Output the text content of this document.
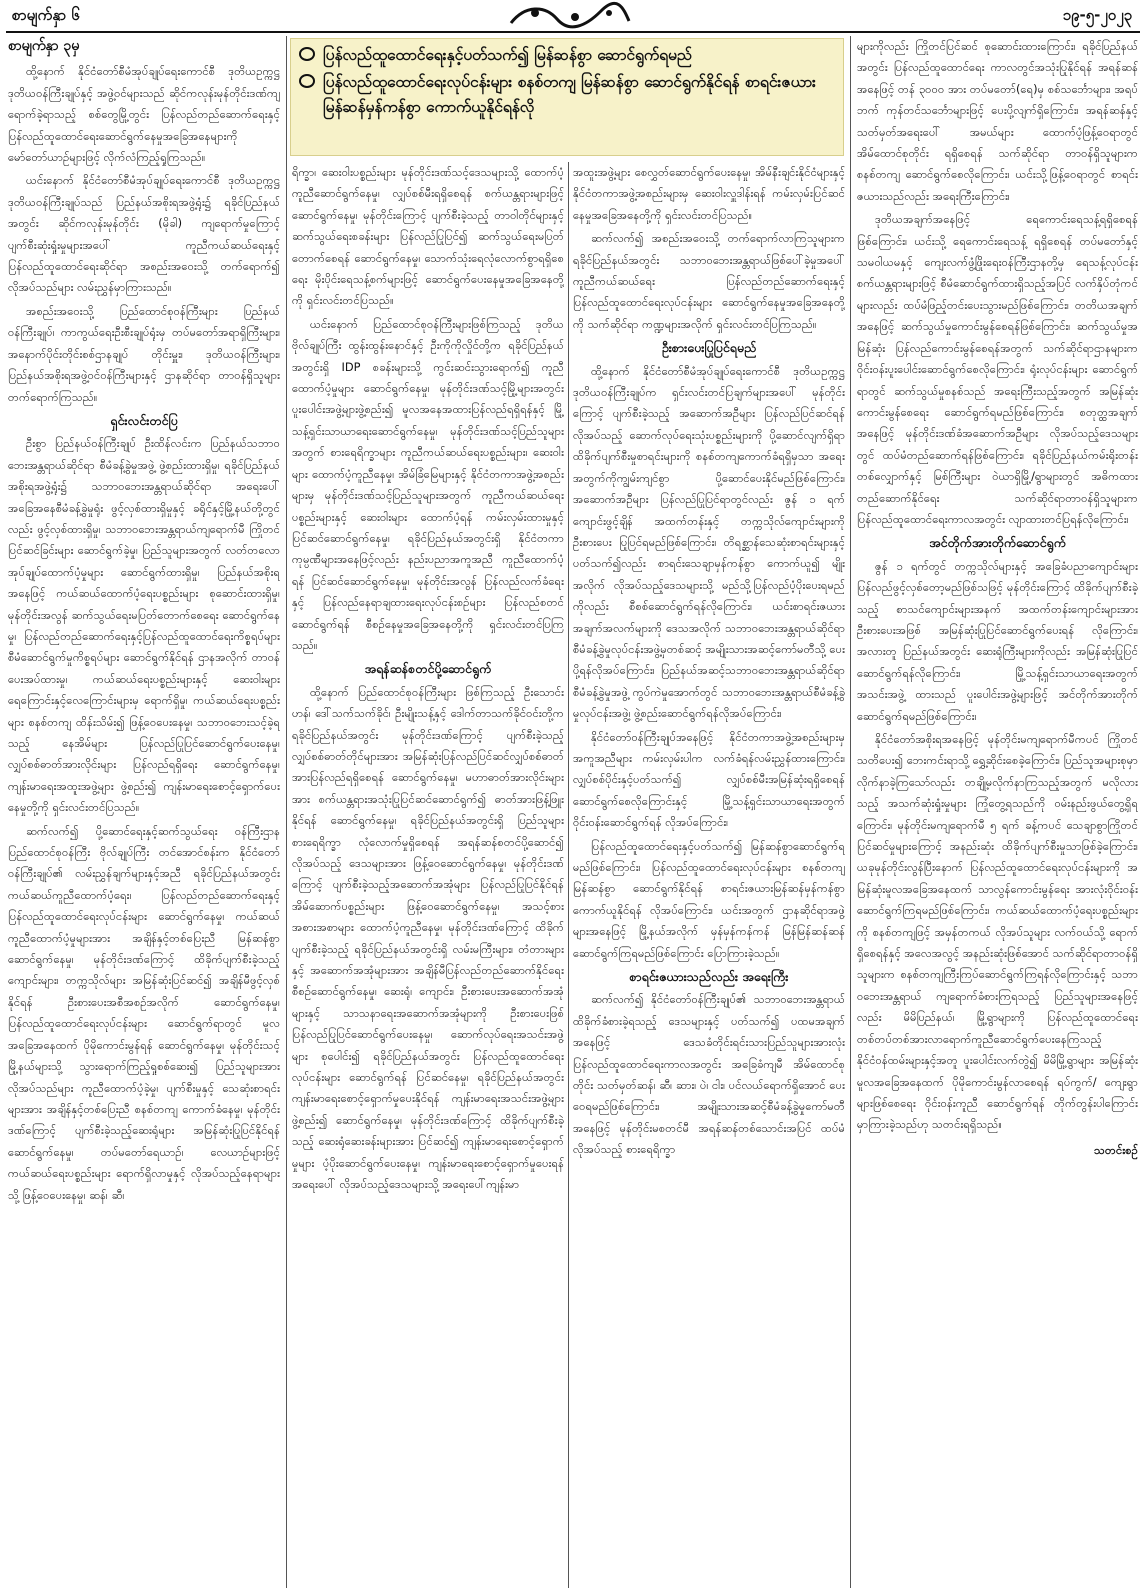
စာမျက်နှာ ၆	၁၉-၅-၂၀၂၃
ပြန်လည်ထူထောင်ရေးနှင့်ပတ်သက်၍ မြန်ဆန်စွာ ဆောင်ရွက်ရမည်
ပြန်လည်ထူထောင်ရေးလုပ်ငန်းများ စနစ်တကျ မြန်ဆန်စွာ ဆောင်ရွက်နိုင်ရန် စာရင်းဇယား မြန်ဆန်မှန်ကန်စွာ ကောက်ယူနိုင်ရန်လို
စာမျက်နှာ ၃မှ

ထို့နောက် နိုင်ငံတော်စီမံအုပ်ချုပ်ရေးကောင်စီ ဒုတိယဥက္ကဋ္ဌ ဒုတိယဝန်ကြီးချုပ်နှင့် အဖွဲ့ဝင်များသည် ဆိုင်ကလုန်းမုန်တိုင်းဒဏ်ကျရောက်ခဲ့ရာသည့် စစ်တွေမြို့တွင်း ပြန်လည်တည်ဆောက်ရေးနှင့် ပြန်လည်ထူထောင်ရေးဆောင်ရွက်နေမှုအခြေအနေများကို မော်တော်ယာဉ်များဖြင့် လိုက်လံကြည့်ရှုကြသည်။

ယင်းနောက် နိုင်ငံတော်စီမံအုပ်ချုပ်ရေးကောင်စီ ဒုတိယဥက္ကဋ္ဌ ဒုတိယဝန်ကြီးချုပ်သည် ပြည်နယ်အစိုးရအဖွဲ့ရုံး၌ ရခိုင်ပြည်နယ်အတွင်း ဆိုင်ကလုန်းမုန်တိုင်း (မိုခါ) ကျရောက်မှုကြောင့် ပျက်စီးဆုံးရှုံးမှုများအပေါ် ကူညီကယ်ဆယ်ရေးနှင့် ပြန်လည်ထူထောင်ရေးဆိုင်ရာ အစည်းအဝေးသို့ တက်ရောက်၍ လိုအပ်သည်များ လမ်းညွှန်မှာကြားသည်။

အစည်းအဝေးသို့ ပြည်ထောင်စုဝန်ကြီးများ ပြည်နယ်ဝန်ကြီးချုပ်၊ ကာကွယ်ရေးဦးစီးချုပ်ရုံးမှ တပ်မတော်အရာရှိကြီးများ၊ အနောက်ပိုင်းတိုင်းစစ်ဌာနချုပ် တိုင်းမှူး၊ ဒုတိယဝန်ကြီးများ၊ ပြည်နယ်အစိုးရအဖွဲ့ဝင်ဝန်ကြီးများနှင့် ဌာနဆိုင်ရာ တာဝန်ရှိသူများ တက်ရောက်ကြသည်။

ရှင်းလင်းတင်ပြ

ဦးစွာ ပြည်နယ်ဝန်ကြီးချုပ် ဦးထိန်လင်းက ပြည်နယ်သဘာဝဘေးအန္တရာယ်ဆိုင်ရာ စီမံခန့်ခွဲမှုအဖွဲ့ ဖွဲ့စည်းထားရှိမှု၊ ရခိုင်ပြည်နယ် အစိုးရအဖွဲ့ရုံး၌ သဘာဝဘေးအန္တရာယ်ဆိုင်ရာ အရေးပေါ်အခြေအနေစီမံခန့်ခွဲမှုရုံး ဖွင့်လှစ်ထားရှိမှုနှင့် ခရိုင်နှင့်မြို့နယ်တို့တွင်လည်း ဖွင့်လှစ်ထားရှိမှု၊ သဘာဝဘေးအန္တရာယ်ကျရောက်မီ ကြိုတင်ပြင်ဆင်ခြင်းများ ဆောင်ရွက်ခဲ့မှု၊ ပြည်သူများအတွက် လတ်တလောအုပ်ချုပ်ထောက်ပံ့မှုများ ဆောင်ရွက်ထားရှိမှု၊ ပြည်နယ်အစိုးရအနေဖြင့် ကယ်ဆယ်ထောက်ပံ့ရေးပစ္စည်းများ စုဆောင်းထားရှိမှု၊ မုန်တိုင်းအလွန် ဆက်သွယ်ရေးမပြတ်တောက်စေရေး ဆောင်ရွက်နေမှု၊ ပြန်လည်တည်ဆောက်ရေးနှင့်ပြန်လည်ထူထောင်ရေးကိစ္စရပ်များ စီမံဆောင်ရွက်မှုကိစ္စရပ်များ ဆောင်ရွက်နိုင်ရန် ဌာနအလိုက် တာဝန်ပေးအပ်ထားမှု၊ ကယ်ဆယ်ရေးပစ္စည်းများနှင့် ဆေးဝါးများ ရေကြောင်းနှင့်လေကြောင်းများမှ ရောက်ရှိမှု၊ ကယ်ဆယ်ရေးပစ္စည်းများ စနစ်တကျ ထိန်းသိမ်း၍ ဖြန့်ဝေပေးနေမှု၊ သဘာဝဘေးသင့်ခဲ့ရသည့် နေအိမ်များ ပြန်လည်ပြုပြင်ဆောင်ရွက်ပေးနေမှု၊ လျှပ်စစ်ဓာတ်အားလိုင်းများ ပြန်လည်ရရှိရေး ဆောင်ရွက်နေမှု၊ ကျန်းမာရေးအထူးအဖွဲ့များ ဖွဲ့စည်း၍ ကျန်းမာရေးစောင့်ရှောက်ပေးနေမှုတို့ကို ရှင်းလင်းတင်ပြသည်။

ဆက်လက်၍ ပို့ဆောင်ရေးနှင့်ဆက်သွယ်ရေး ဝန်ကြီးဌာန ပြည်ထောင်စုဝန်ကြီး ဗိုလ်ချုပ်ကြီး တင်အောင်စန်းက နိုင်ငံတော်ဝန်ကြီးချုပ်၏ လမ်းညွှန်ချက်များနှင့်အညီ ရခိုင်ပြည်နယ်အတွင်း ကယ်ဆယ်ကူညီထောက်ပံ့ရေး၊ ပြန်လည်တည်ဆောက်ရေးနှင့် ပြန်လည်ထူထောင်ရေးလုပ်ငန်းများ ဆောင်ရွက်နေမှု၊ ကယ်ဆယ်ကူညီထောက်ပံ့မှုများအား အချိန်နှင့်တစ်ပြေးညီ မြန်ဆန်စွာဆောင်ရွက်နေမှု၊ မုန်တိုင်းဒဏ်ကြောင့် ထိခိုက်ပျက်စီးခဲ့သည့် ကျောင်းများ၊ တက္ကသိုလ်များ အမြန်ဆုံးပြင်ဆင်၍ အချိန်မီဖွင့်လှစ်နိုင်ရန် ဦးစားပေးအစီအစဉ်အလိုက် ဆောင်ရွက်နေမှု၊ ပြန်လည်ထူထောင်ရေးလုပ်ငန်းများ ဆောင်ရွက်ရာတွင် မူလအခြေအနေထက် ပိုမိုကောင်းမွန်ရန် ဆောင်ရွက်နေမှု၊ မုန်တိုင်းသင့်မြို့နယ်များသို့ သွားရောက်ကြည့်ရှုစစ်ဆေး၍ ပြည်သူများအား လိုအပ်သည်များ ကူညီထောက်ပံ့ခဲ့မှု၊ ပျက်စီးမှုနှင့် သေဆုံးစာရင်းများအား အချိန်နှင့်တစ်ပြေးညီ စနစ်တကျ ကောက်ခံနေမှု၊ မုန်တိုင်းဒဏ်ကြောင့် ပျက်စီးခဲ့သည့်ဆေးရုံများ အမြန်ဆုံးပြုပြင်နိုင်ရန် ဆောင်ရွက်နေမှု၊ တပ်မတော်ရေယာဉ်၊ လေယာဉ်များဖြင့် ကယ်ဆယ်ရေးပစ္စည်းများ ရောက်ရှိလာမှုနှင့် လိုအပ်သည့်နေရာများသို့ ဖြန့်ဝေပေးနေမှု၊ ဆန်၊ ဆီ၊

ရိက္ခာ၊ ဆေးဝါးပစ္စည်းများ မုန်တိုင်းဒဏ်သင့်ဒေသများသို့ ထောက်ပံ့ကူညီဆောင်ရွက်နေမှု၊ လျှပ်စစ်မီးရရှိစေရန် စက်ယန္တရားများဖြင့် ဆောင်ရွက်နေမှု၊ မုန်တိုင်းကြောင့် ပျက်စီးခဲ့သည့် တာဝါတိုင်များနှင့် ဆက်သွယ်ရေးစခန်းများ ပြန်လည်ပြုပြင်၍ ဆက်သွယ်ရေးမပြတ်တောက်စေရန် ဆောင်ရွက်နေမှု၊ သောက်သုံးရေလုံလောက်စွာရရှိစေရေး မိုးပိုင်းရေသန့်စက်များဖြင့် ဆောင်ရွက်ပေးနေမှုအခြေအနေတို့ကို ရှင်းလင်းတင်ပြသည်။

ယင်းနောက် ပြည်ထောင်စုဝန်ကြီးများဖြစ်ကြသည့် ဒုတိယဗိုလ်ချုပ်ကြီး ထွန်းထွန်းနောင်နှင့် ဦးကိုကိုလှိုင်တို့က ရခိုင်ပြည်နယ်အတွင်းရှိ IDP စခန်းများသို့ ကွင်းဆင်းသွားရောက်၍ ကူညီထောက်ပံ့မှုများ ဆောင်ရွက်နေမှု၊ မုန်တိုင်းဒဏ်သင့်မြို့များအတွင်း ပူးပေါင်းအဖွဲ့များဖွဲ့စည်း၍ မူလအနေအထားပြန်လည်ရရှိရန်နှင့် မြို့သန့်ရှင်းသာယာရေးဆောင်ရွက်နေမှု၊ မုန်တိုင်းဒဏ်သင့်ပြည်သူများအတွက် စားရေရိက္ခာများ ကူညီကယ်ဆယ်ရေးပစ္စည်းများ၊ ဆေးဝါးများ ထောက်ပံ့ကူညီနေမှု၊ အိမ်ခြံမြေများနှင့် နိုင်ငံတကာအဖွဲ့အစည်းများမှ မုန်တိုင်းဒဏ်သင့်ပြည်သူများအတွက် ကူညီကယ်ဆယ်ရေးပစ္စည်းများနှင့် ဆေးဝါးများ ထောက်ပံ့ရန် ကမ်းလှမ်းထားမှုနှင့် ပြင်ဆင်ဆောင်ရွက်နေမှု၊ ရခိုင်ပြည်နယ်အတွင်းရှိ နိုင်ငံတကာကုမ္ပဏီများအနေဖြင့်လည်း နည်းပညာအကူအညီ ကူညီထောက်ပံ့ရန် ပြင်ဆင်ဆောင်ရွက်နေမှု၊ မုန်တိုင်းအလွန် ပြန်လည်လက်ခံရေးနှင့် ပြန်လည်နေရာချထားရေးလုပ်ငန်းစဉ်များ ပြန်လည်စတင်ဆောင်ရွက်ရန် စီစဉ်နေမှုအခြေအနေတို့ကို ရှင်းလင်းတင်ပြကြသည်။

အရန်ဆန်စတင်ပို့ဆောင်ရွက်

ထို့နောက် ပြည်ထောင်စုဝန်ကြီးများ ဖြစ်ကြသည့် ဦးသောင်းဟန်၊ ဒေါ်သက်သက်ခိုင်၊ ဦးမျိုးသန့်နှင့် ဒေါက်တာသက်ခိုင်ဝင်းတို့က ရခိုင်ပြည်နယ်အတွင်း မုန်တိုင်းဒဏ်ကြောင့် ပျက်စီးခဲ့သည့် လျှပ်စစ်ဓာတ်တိုင်များအား အမြန်ဆုံးပြန်လည်ပြင်ဆင်လျှပ်စစ်ဓာတ်အားပြန်လည်ရရှိစေရန် ဆောင်ရွက်နေမှု၊ မဟာဓာတ်အားလိုင်းများအား စက်ယန္တရားအသုံးပြုပြင်ဆင်ဆောင်ရွက်၍ ဓာတ်အားဖြန့်ဖြူးနိုင်ရန် ဆောင်ရွက်နေမှု၊ ရခိုင်ပြည်နယ်အတွင်းရှိ ပြည်သူများ စားရေရိက္ခာ လုံလောက်မှုရှိစေရန် အရန်ဆန်စတင်ပို့ဆောင်၍ လိုအပ်သည့် ဒေသများအား ဖြန့်ဝေဆောင်ရွက်နေမှု၊ မုန်တိုင်းဒဏ်ကြောင့် ပျက်စီးခဲ့သည့်အဆောက်အအုံများ ပြန်လည်ပြုပြင်နိုင်ရန် အိမ်ဆောက်ပစ္စည်းများ ဖြန့်ဝေဆောင်ရွက်နေမှု၊ အသင့်စားအစားအစာများ ထောက်ပံ့ကူညီနေမှု၊ မုန်တိုင်းဒဏ်ကြောင့် ထိခိုက်ပျက်စီးခဲ့သည့် ရခိုင်ပြည်နယ်အတွင်းရှိ လမ်းမကြီးများ၊ တံတားများနှင့် အဆောက်အအုံများအား အချိန်မီပြန်လည်တည်ဆောက်နိုင်ရေး စီစဉ်ဆောင်ရွက်နေမှု၊ ဆေးရုံ၊ ကျောင်း၊ ဦးစားပေးအဆောက်အအုံများနှင့် သာသနာရေးအဆောက်အအုံများကို ဦးစားပေးဖြစ် ပြန်လည်ပြုပြင်ဆောင်ရွက်ပေးနေမှု၊ ဆောက်လုပ်ရေးအသင်းအဖွဲ့များ စုပေါင်း၍ ရခိုင်ပြည်နယ်အတွင်း ပြန်လည်ထူထောင်ရေးလုပ်ငန်းများ ဆောင်ရွက်ရန် ပြင်ဆင်နေမှု၊ ရခိုင်ပြည်နယ်အတွင်း ကျန်းမာရေးစောင့်ရှောက်မှုပေးနိုင်ရန် ကျန်းမာရေးအသင်းအဖွဲ့များ ဖွဲ့စည်း၍ ဆောင်ရွက်နေမှု၊ မုန်တိုင်းဒဏ်ကြောင့် ထိခိုက်ပျက်စီးခဲ့သည့် ဆေးရုံဆေးခန်းများအား ပြင်ဆင်၍ ကျန်းမာရေးစောင့်ရှောက်မှုများ ပံ့ပိုးဆောင်ရွက်ပေးနေမှု၊ ကျန်းမာရေးစောင့်ရှောက်မှုပေးရန် အရေးပေါ် လိုအပ်သည့်ဒေသများသို့ အရေးပေါ်ကျန်းမာ

အထူးအဖွဲ့များ စေလွှတ်ဆောင်ရွက်ပေးနေမှု၊ အိမ်နီးချင်းနိုင်ငံများနှင့် နိုင်ငံတကာအဖွဲ့အစည်းများမှ ဆေးဝါးလှူဒါန်းရန် ကမ်းလှမ်းပြင်ဆင်နေမှုအခြေအနေတို့ကို ရှင်းလင်းတင်ပြသည်။

ဆက်လက်၍ အစည်းအဝေးသို့ တက်ရောက်လာကြသူများက ရခိုင်ပြည်နယ်အတွင်း သဘာဝဘေးအန္တရာယ်ဖြစ်ပေါ်ခဲ့မှုအပေါ် ကူညီကယ်ဆယ်ရေး ပြန်လည်တည်ဆောက်ရေးနှင့် ပြန်လည်ထူထောင်ရေးလုပ်ငန်းများ ဆောင်ရွက်နေမှုအခြေအနေတို့ကို သက်ဆိုင်ရာ ကဏ္ဍများအလိုက် ရှင်းလင်းတင်ပြကြသည်။

ဦးစားပေးပြုပြင်ရမည်

ထို့နောက် နိုင်ငံတော်စီမံအုပ်ချုပ်ရေးကောင်စီ ဒုတိယဥက္ကဋ္ဌ ဒုတိယဝန်ကြီးချုပ်က ရှင်းလင်းတင်ပြချက်များအပေါ် မုန်တိုင်းကြောင့် ပျက်စီးခဲ့သည့် အဆောက်အဦများ ပြန်လည်ပြင်ဆင်ရန် လိုအပ်သည့် ဆောက်လုပ်ရေးသုံးပစ္စည်းများကို ပို့ဆောင်လျက်ရှိရာ ထိခိုက်ပျက်စီးမှုစာရင်းများကို စနစ်တကျကောက်ခံရရှိမှသာ အရေးအတွက်ကိုကျွမ်းကျင်စွာ ပို့ဆောင်ပေးနိုင်မည်ဖြစ်ကြောင်း၊ အဆောက်အဦများ ပြန်လည်ပြုပြင်ရာတွင်လည်း ဇွန် ၁ ရက် ကျောင်းဖွင့်ချိန် အထက်တန်းနှင့် တက္ကသိုလ်ကျောင်းများကို ဦးစားပေး ပြုပြင်ရမည်ဖြစ်ကြောင်း၊ တိရစ္ဆာန်သေဆုံးစာရင်းများနှင့်ပတ်သက်၍လည်း စာရင်းသေချာမှန်ကန်စွာ ကောက်ယူ၍ မျိုးအလိုက် လိုအပ်သည့်ဒေသများသို့ မည်သို့ပြန်လည်ပံ့ပိုးပေးရမည်ကိုလည်း စီစစ်ဆောင်ရွက်ရန်လိုကြောင်း၊ ယင်းစာရင်းဇယားအချက်အလက်များကို ဒေသအလိုက် သဘာဝဘေးအန္တရာယ်ဆိုင်ရာစီမံခန့်ခွဲမှုလုပ်ငန်းအဖွဲ့မှတစ်ဆင့် အမျိုးသားအဆင့်ကော်မတီသို့ ပေးပို့ရန်လိုအပ်ကြောင်း၊ ပြည်နယ်အဆင့်သဘာဝဘေးအန္တရာယ်ဆိုင်ရာ စီမံခန့်ခွဲမှုအဖွဲ့ ကွပ်ကဲမှုအောက်တွင် သဘာဝဘေးအန္တရာယ်စီမံခန့်ခွဲမှုလုပ်ငန်းအဖွဲ့၊ ဖွဲ့စည်းဆောင်ရွက်ရန်လိုအပ်ကြောင်း၊

နိုင်ငံတော်ဝန်ကြီးချုပ်အနေဖြင့် နိုင်ငံတကာအဖွဲ့အစည်းများမှ အကူအညီများ ကမ်းလှမ်းပါက လက်ခံရန်လမ်းညွှန်ထားကြောင်း၊ လျှပ်စစ်ပိုင်းနှင့်ပတ်သက်၍ လျှပ်စစ်မီးအမြန်ဆုံးရရှိစေရန် ဆောင်ရွက်စေလိုကြောင်းနှင့် မြို့သန့်ရှင်းသာယာရေးအတွက် ဝိုင်းဝန်းဆောင်ရွက်ရန် လိုအပ်ကြောင်း၊

ပြန်လည်ထူထောင်ရေးနှင့်ပတ်သက်၍ မြန်ဆန်စွာဆောင်ရွက်ရမည်ဖြစ်ကြောင်း၊ ပြန်လည်ထူထောင်ရေးလုပ်ငန်းများ စနစ်တကျ မြန်ဆန်စွာ ဆောင်ရွက်နိုင်ရန် စာရင်းဇယားမြန်ဆန်မှန်ကန်စွာ ကောက်ယူနိုင်ရန် လိုအပ်ကြောင်း၊ ယင်းအတွက် ဌာနဆိုင်ရာအဖွဲ့များအနေဖြင့် မြို့နယ်အလိုက် မှန်မှန်ကန်ကန် မြန်မြန်ဆန်ဆန် ဆောင်ရွက်ကြရမည်ဖြစ်ကြောင်း ပြောကြားခဲ့သည်။

စာရင်းဇယားသည်လည်း အရေးကြီး

ဆက်လက်၍ နိုင်ငံတော်ဝန်ကြီးချုပ်၏ သဘာဝဘေးအန္တရာယ်ထိခိုက်ခံစားခဲ့ရသည့် ဒေသများနှင့် ပတ်သက်၍ ပထမအချက်အနေဖြင့် ဒေသခံတိုင်းရင်းသားပြည်သူများအားလုံး ပြန်လည်ထူထောင်ရေးကာလအတွင်း အခြေခံကျမီ အိမ်ထောင်စုတိုင်း သတ်မှတ်ဆန်၊ ဆီ၊ ဆား၊ ပဲ၊ ငါး၊ ပင်လယ်ရောက်ရှိအောင် ပေးဝေရမည်ဖြစ်ကြောင်း၊ အမျိုးသားအဆင့်စီမံခန့်ခွဲမှုကော်မတီအနေဖြင့် မုန်တိုင်းမစတင်မီ အရန်ဆန်တစ်သောင်းအပြင် ထပ်မံလိုအပ်သည့် စားရေရိက္ခာ

များကိုလည်း ကြိုတင်ပြင်ဆင် စုဆောင်းထားကြောင်း၊ ရခိုင်ပြည်နယ်အတွင်း ပြန်လည်ထူထောင်ရေး ကာလတွင်အသုံးပြုနိုင်ရန် အရန်ဆန်အနေဖြင့် တန် ၃၀၀၀ အား တပ်မတော်(ရေ)မှ စစ်သင်္ဘောများ၊ အရပ်ဘက် ကုန်တင်သင်္ဘောများဖြင့် ပေးပို့လျက်ရှိကြောင်း၊ အရန်ဆန်နှင့် သတ်မှတ်အရေးပေါ် အမယ်များ ထောက်ပံ့ဖြန့်ဝေရာတွင် အိမ်ထောင်စုတိုင်း ရရှိစေရန် သက်ဆိုင်ရာ တာဝန်ရှိသူများက စနစ်တကျ ဆောင်ရွက်စေလိုကြောင်း၊ ယင်းသို့ဖြန့်ဝေရာတွင် စာရင်းဇယားသည်လည်း အရေးကြီးကြောင်း၊

ဒုတိယအချက်အနေဖြင့် ရေကောင်းရေသန့်ရရှိစေရန် ဖြစ်ကြောင်း၊ ယင်းသို့ ရေကောင်းရေသန့် ရရှိစေရန် တပ်မတော်နှင့် သမဝါယမနှင့် ကျေးလက်ဖွံ့ဖြိုးရေးဝန်ကြီးဌာနတို့မှ ရေသန့်လုပ်ငန်းစက်ယန္တရားများဖြင့် စီမံဆောင်ရွက်ထားရှိသည့်အပြင် လက်နှိပ်တုံကင်များလည်း ထပ်မံဖြည့်တင်းပေးသွားမည်ဖြစ်ကြောင်း၊ တတိယအချက်အနေဖြင့် ဆက်သွယ်မှုကောင်းမွန်စေရန်ဖြစ်ကြောင်း၊ ဆက်သွယ်မှုအမြန်ဆုံး ပြန်လည်ကောင်းမွန်စေရန်အတွက် သက်ဆိုင်ရာဌာနများက ဝိုင်းဝန်းပူးပေါင်းဆောင်ရွက်စေလိုကြောင်း၊ ရုံးလုပ်ငန်းများ ဆောင်ရွက်ရာတွင် ဆက်သွယ်မှုစနစ်သည် အရေးကြီးသည့်အတွက် အမြန်ဆုံးကောင်းမွန်စေရေး ဆောင်ရွက်ရမည်ဖြစ်ကြောင်း၊ စတုတ္ထအချက်အနေဖြင့် မုန်တိုင်းဒဏ်ခံအဆောက်အဦများ လိုအပ်သည့်ဒေသများတွင် ထပ်မံတည်ဆောက်ရန်ဖြစ်ကြောင်း၊ ရခိုင်ပြည်နယ်ကမ်းရိုးတန်းတစ်လျှောက်နှင့် မြစ်ကြီးများ ဝဲယာရှိမြို့/ရွာများတွင် အဓိကထားတည်ဆောက်နိုင်ရေး သက်ဆိုင်ရာတာဝန်ရှိသူများက ပြန်လည်ထူထောင်ရေးကာလအတွင်း လျာထားတင်ပြရန်လိုကြောင်း၊

အင်တိုက်အားတိုက်ဆောင်ရွက်

ဇွန် ၁ ရက်တွင် တက္ကသိုလ်များနှင့် အခြေခံပညာကျောင်းများ ပြန်လည်ဖွင့်လှစ်တော့မည်ဖြစ်သဖြင့် မုန်တိုင်းကြောင့် ထိခိုက်ပျက်စီးခဲ့သည့် စာသင်ကျောင်းများအနက် အထက်တန်းကျောင်းများအား ဦးစားပေးအဖြစ် အမြန်ဆုံးပြုပြင်ဆောင်ရွက်ပေးရန် လိုကြောင်း၊ အလားတူ ပြည်နယ်အတွင်း ဆေးရုံကြီးများကိုလည်း အမြန်ဆုံးပြုပြင်ဆောင်ရွက်ရန်လိုကြောင်း၊ မြို့သန့်ရှင်းသာယာရေးအတွက် အသင်းအဖွဲ့ ထားသည် ပူးပေါင်းအဖွဲ့များဖြင့် အင်တိုက်အားတိုက် ဆောင်ရွက်ရမည်ဖြစ်ကြောင်း၊

နိုင်ငံတော်အစိုးရအနေဖြင့် မုန်တိုင်းမကျရောက်မီကပင် ကြိုတင်သတိပေး၍ ဘေးကင်းရာသို့ ရွှေ့ဆိုင်းစေခဲ့ကြောင်း၊ ပြည်သူအများစုမှာ လိုက်နာခဲ့ကြသော်လည်း တချို့မလိုက်နာကြသည့်အတွက် မလိုလားသည့် အသက်ဆုံးရှုံးမှုများ ကြုံတွေ့ရသည်ကို ဝမ်းနည်းဖွယ်တွေ့ရှိရကြောင်း၊ မုန်တိုင်းမကျရောက်မီ ၅ ရက် ခန့်ကပင် သေချာစွာကြိုတင်ပြင်ဆင်မှုများကြောင့် အနည်းဆုံး ထိခိုက်ပျက်စီးမှုသာဖြစ်ခဲ့ကြောင်း၊ ယခုမုန်တိုင်းလွန်ပြီးနောက် ပြန်လည်ထူထောင်ရေးလုပ်ငန်းများကို အမြန်ဆုံးမူလအခြေအနေထက် သာလွန်ကောင်းမွန်ရေး အားလုံးဝိုင်းဝန်းဆောင်ရွက်ကြရမည်ဖြစ်ကြောင်း၊ ကယ်ဆယ်ထောက်ပံ့ရေးပစ္စည်းများကို စနစ်တကျဖြင့် အမှန်တကယ် လိုအပ်သူများ လက်ဝယ်သို့ ရောက်ရှိစေရန်နှင့် အလေအလွင့် အနည်းဆုံးဖြစ်အောင် သက်ဆိုင်ရာတာဝန်ရှိသူများက စနစ်တကျကြီးကြပ်ဆောင်ရွက်ကြရန်လိုကြောင်းနှင့် သဘာဝဘေးအန္တရာယ် ကျရောက်ခံစားကြရသည့် ပြည်သူများအနေဖြင့်လည်း မိမိပြည်နယ်၊ မြို့ရွာများကို ပြန်လည်ထူထောင်ရေး တစ်တပ်တစ်အားလာရောက်ကူညီဆောင်ရွက်ပေးနေကြသည့် နိုင်ငံဝန်ထမ်းများနှင့်အတူ ပူးပေါင်းလက်တွဲ၍ မိမိမြို့ရွာများ အမြန်ဆုံး မူလအခြေအနေထက် ပိုမိုကောင်းမွန်လာစေရန် ရပ်ကွက်/ ကျေးရွာများဖြစ်စေရေး ဝိုင်းဝန်းကူညီ ဆောင်ရွက်ရန် တိုက်တွန်းပါကြောင်း မှာကြားခဲ့သည်ဟု သတင်းရရှိသည်။

သတင်းစဉ်
